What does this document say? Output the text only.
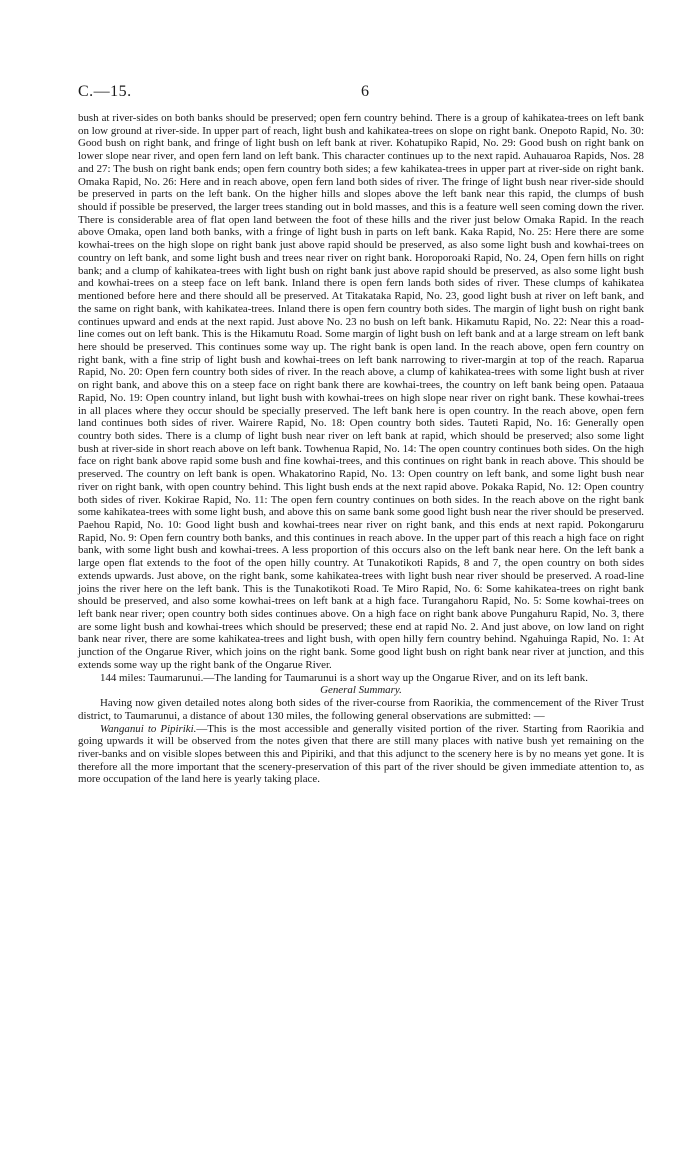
C.—15.	6

bush at river-sides on both banks should be preserved; open fern country behind. There is a group of kahikatea-trees on left bank on low ground at river-side. In upper part of reach, light bush and kahikatea-trees on slope on right bank. Onepoto Rapid, No. 30: Good bush on right bank, and fringe of light bush on left bank at river. Kohatupiko Rapid, No. 29: Good bush on right bank on lower slope near river, and open fern land on left bank. This character continues up to the next rapid. Auhauaroa Rapids, Nos. 28 and 27: The bush on right bank ends; open fern country both sides; a few kahikatea-trees in upper part at river-side on right bank. Omaka Rapid, No. 26: Here and in reach above, open fern land both sides of river. The fringe of light bush near river-side should be preserved in parts on the left bank. On the higher hills and slopes above the left bank near this rapid, the clumps of bush should if possible be preserved, the larger trees standing out in bold masses, and this is a feature well seen coming down the river. There is considerable area of flat open land between the foot of these hills and the river just below Omaka Rapid. In the reach above Omaka, open land both banks, with a fringe of light bush in parts on left bank. Kaka Rapid, No. 25: Here there are some kowhai-trees on the high slope on right bank just above rapid should be preserved, as also some light bush and kowhai-trees on country on left bank, and some light bush and trees near river on right bank. Horoporoaki Rapid, No. 24, Open fern hills on right bank; and a clump of kahikatea-trees with light bush on right bank just above rapid should be preserved, as also some light bush and kowhai-trees on a steep face on left bank. Inland there is open fern lands both sides of river. These clumps of kahikatea mentioned before here and there should all be preserved. At Titakataka Rapid, No. 23, good light bush at river on left bank, and the same on right bank, with kahikatea-trees. Inland there is open fern country both sides. The margin of light bush on right bank continues upward and ends at the next rapid. Just above No. 23 no bush on left bank. Hikamutu Rapid, No. 22: Near this a road-line comes out on left bank. This is the Hikamutu Road. Some margin of light bush on left bank and at a large stream on left bank here should be preserved. This continues some way up. The right bank is open land. In the reach above, open fern country on right bank, with a fine strip of light bush and kowhai-trees on left bank narrowing to river-margin at top of the reach. Raparua Rapid, No. 20: Open fern country both sides of river. In the reach above, a clump of kahikatea-trees with some light bush at river on right bank, and above this on a steep face on right bank there are kowhai-trees, the country on left bank being open. Pataaua Rapid, No. 19: Open country inland, but light bush with kowhai-trees on high slope near river on right bank. These kowhai-trees in all places where they occur should be specially preserved. The left bank here is open country. In the reach above, open fern land continues both sides of river. Wairere Rapid, No. 18: Open country both sides. Tauteti Rapid, No. 16: Generally open country both sides. There is a clump of light bush near river on left bank at rapid, which should be preserved; also some light bush at river-side in short reach above on left bank. Towhenua Rapid, No. 14: The open country continues both sides. On the high face on right bank above rapid some bush and fine kowhai-trees, and this continues on right bank in reach above. This should be preserved. The country on left bank is open. Whakatorino Rapid, No. 13: Open country on left bank, and some light bush near river on right bank, with open country behind. This light bush ends at the next rapid above. Pokaka Rapid, No. 12: Open country both sides of river. Kokirae Rapid, No. 11: The open fern country continues on both sides. In the reach above on the right bank some kahikatea-trees with some light bush, and above this on same bank some good light bush near the river should be preserved. Paehou Rapid, No. 10: Good light bush and kowhai-trees near river on right bank, and this ends at next rapid. Pokongaruru Rapid, No. 9: Open fern country both banks, and this continues in reach above. In the upper part of this reach a high face on right bank, with some light bush and kowhai-trees. A less proportion of this occurs also on the left bank near here. On the left bank a large open flat extends to the foot of the open hilly country. At Tunakotikoti Rapids, 8 and 7, the open country on both sides extends upwards. Just above, on the right bank, some kahikatea-trees with light bush near river should be preserved. A road-line joins the river here on the left bank. This is the Tunakotikoti Road. Te Miro Rapid, No. 6: Some kahikatea-trees on right bank should be preserved, and also some kowhai-trees on left bank at a high face. Turangahoru Rapid, No. 5: Some kowhai-trees on left bank near river; open country both sides continues above. On a high face on right bank above Pungahuru Rapid, No. 3, there are some light bush and kowhai-trees which should be preserved; these end at rapid No. 2. And just above, on low land on right bank near river, there are some kahikatea-trees and light bush, with open hilly fern country behind. Ngahuinga Rapid, No. 1: At junction of the Ongarue River, which joins on the right bank. Some good light bush on right bank near river at junction, and this extends some way up the right bank of the Ongarue River.

144 miles: Taumarunui.—The landing for Taumarunui is a short way up the Ongarue River, and on its left bank.

General Summary.

Having now given detailed notes along both sides of the river-course from Raorikia, the commencement of the River Trust district, to Taumarunui, a distance of about 130 miles, the following general observations are submitted: —

Wanganui to Pipiriki.—This is the most accessible and generally visited portion of the river. Starting from Raorikia and going upwards it will be observed from the notes given that there are still many places with native bush yet remaining on the river-banks and on visible slopes between this and Pipiriki, and that this adjunct to the scenery here is by no means yet gone. It is therefore all the more important that the scenery-preservation of this part of the river should be given immediate attention to, as more occupation of the land here is yearly taking place.
